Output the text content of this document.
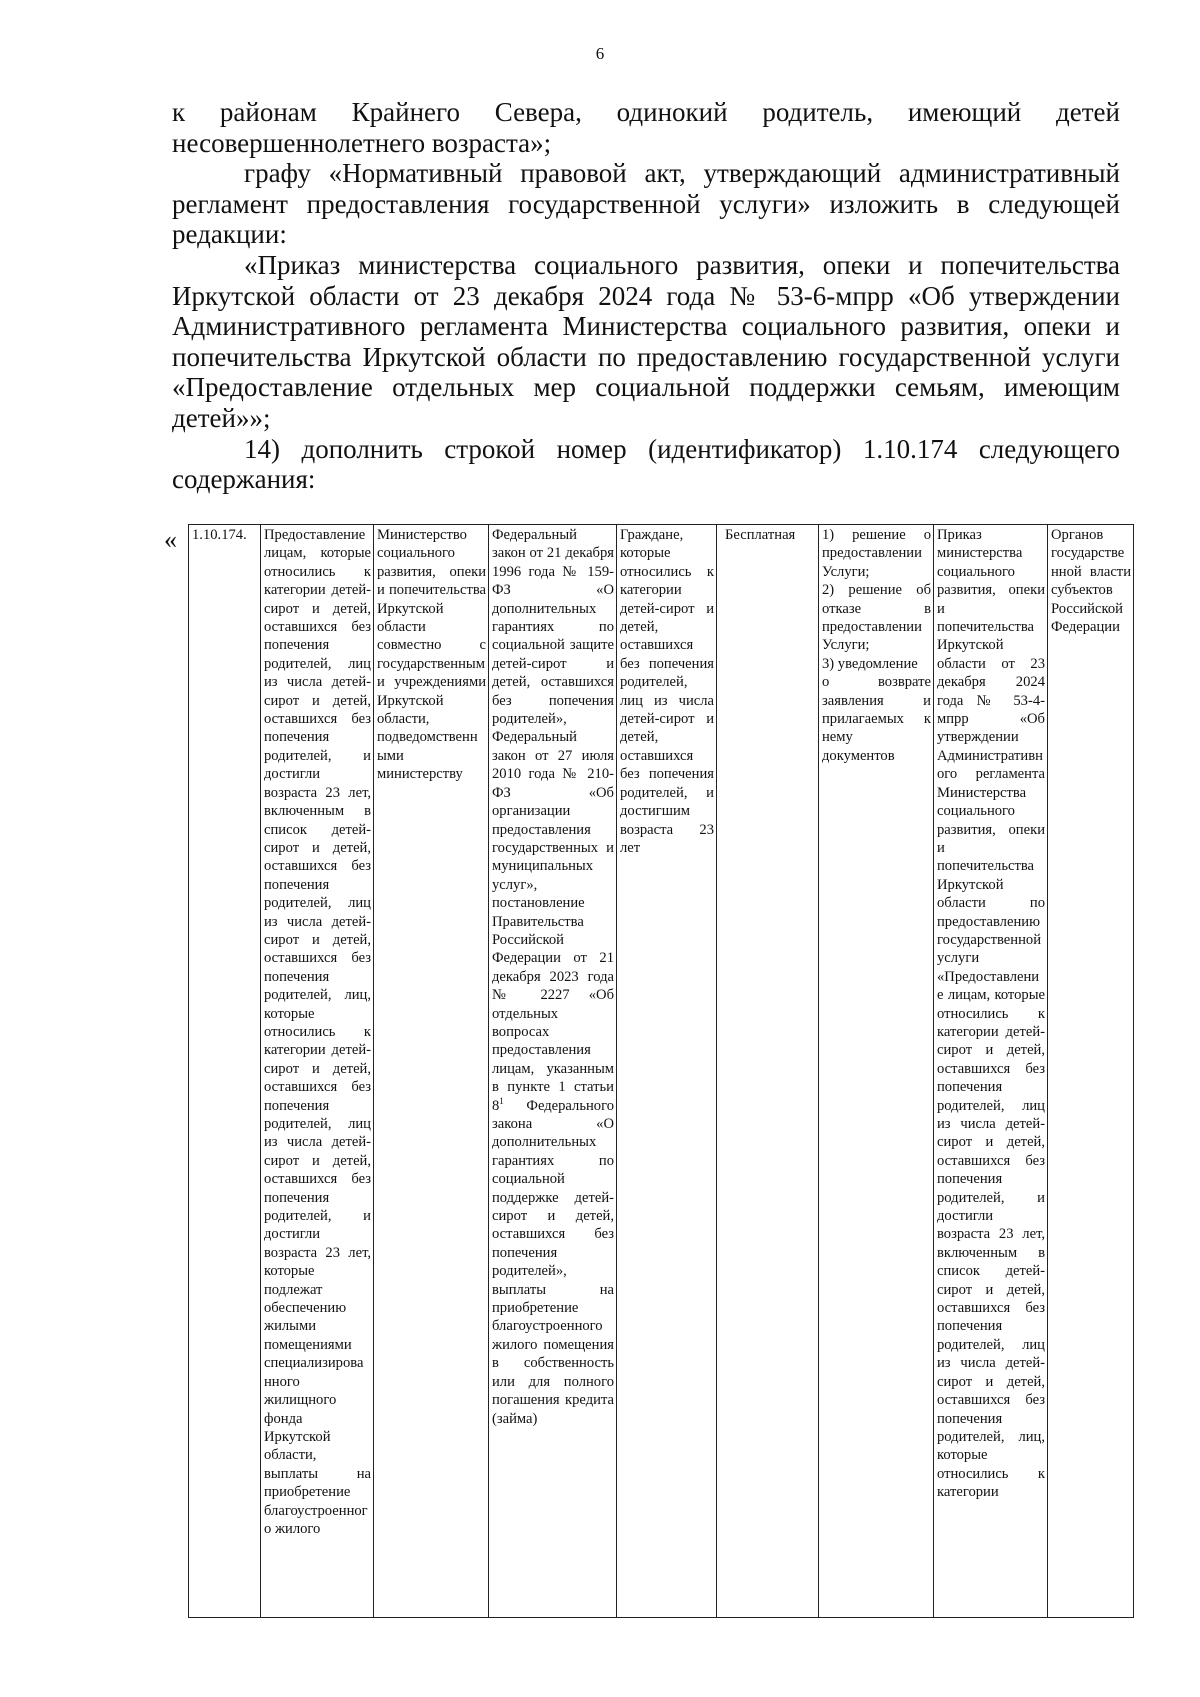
6

к районам Крайнего Севера, одинокий родитель, имеющий детей несовершеннолетнего возраста»;

графу «Нормативный правовой акт, утверждающий административный регламент предоставления государственной услуги» изложить в следующей редакции:

«Приказ министерства социального развития, опеки и попечительства Иркутской области от 23 декабря 2024 года № 53-6-мпрр «Об утверждении Административного регламента Министерства социального развития, опеки и попечительства Иркутской области по предоставлению государственной услуги «Предоставление отдельных мер социальной поддержки семьям, имеющим детей»»;

14) дополнить строкой номер (идентификатор) 1.10.174 следующего содержания:

« 1.10.174.	Предоставление лицам, которые относились к категории детей-сирот и детей, оставшихся без попечения родителей, лиц из числа детей-сирот и детей, оставшихся без попечения родителей, и достигли возраста 23 лет, включенным в список детей-сирот и детей, оставшихся без попечения родителей, лиц из числа детей-сирот и детей, оставшихся без попечения родителей, лиц, которые относились к категории детей-сирот и детей, оставшихся без попечения родителей, лиц из числа детей-сирот и детей, оставшихся без попечения родителей, и достигли возраста 23 лет, которые подлежат обеспечению жилыми помещениями специализированного жилищного фонда Иркутской области, выплаты на приобретение благоустроенного жилого	Министерство социального развития, опеки и попечительства Иркутской области совместно с государственными учреждениями Иркутской области, подведомственными министерству	Федеральный закон от 21 декабря 1996 года № 159-ФЗ «О дополнительных гарантиях по социальной защите детей-сирот и детей, оставшихся без попечения родителей», Федеральный закон от 27 июля 2010 года № 210-ФЗ «Об организации предоставления государственных и муниципальных услуг», постановление Правительства Российской Федерации от 21 декабря 2023 года № 2227 «Об отдельных вопросах предоставления лицам, указанным в пункте 1 статьи $8^1$ Федерального закона «О дополнительных гарантиях по социальной поддержке детей-сирот и детей, оставшихся без попечения родителей», выплаты на приобретение благоустроенного жилого помещения в собственность или для полного погашения кредита (займа)	Граждане, которые относились к категории детей-сирот и детей, оставшихся без попечения родителей, лиц из числа детей-сирот и детей, оставшихся без попечения родителей, и достигшим возраста 23 лет	Бесплатная	1) решение о
предоставлении Услуги;
2) решение об
отказе в
предоставлении Услуги;
3) уведомление
о возврате
заявления и
прилагаемых к
нему
документов
	Приказ министерства социального развития, опеки и попечительства Иркутской области от 23 декабря 2024 года № 53-4-мпрр «Об утверждении Административного регламента Министерства социального развития, опеки и попечительства Иркутской области по предоставлению государственной услуги «Предоставление лицам, которые относились к категории детей-сирот и детей, оставшихся без попечения родителей, лиц из числа детей-сирот и детей, оставшихся без попечения родителей, и достигли возраста 23 лет, включенным в список детей-сирот и детей, оставшихся без попечения родителей, лиц из числа детей-сирот и детей, оставшихся без попечения родителей, лиц, которые относились к категории	Органов государственной власти субъектов Российской Федерации
